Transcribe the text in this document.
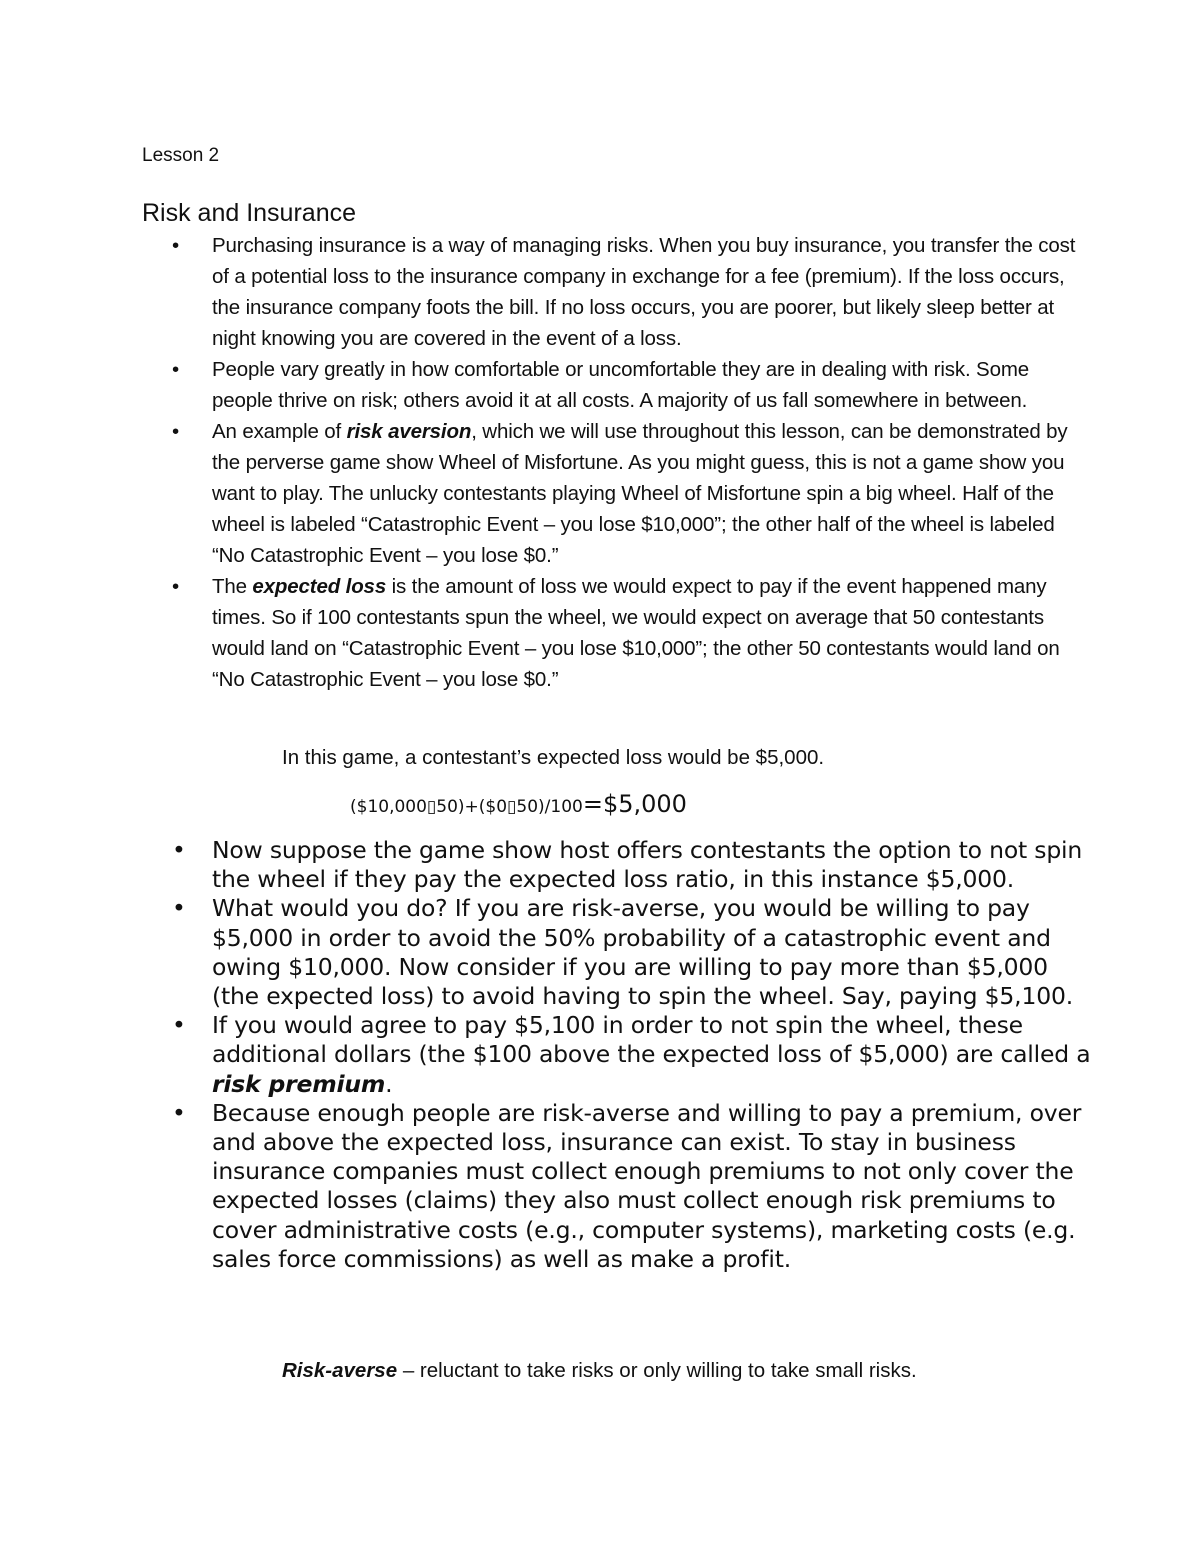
Lesson 2
Risk and Insurance
• Purchasing insurance is a way of managing risks. When you buy insurance, you transfer the cost of a potential loss to the insurance company in exchange for a fee (premium). If the loss occurs, the insurance company foots the bill. If no loss occurs, you are poorer, but likely sleep better at night knowing you are covered in the event of a loss.
• People vary greatly in how comfortable or uncomfortable they are in dealing with risk. Some people thrive on risk; others avoid it at all costs. A majority of us fall somewhere in between.
• An example of risk aversion, which we will use throughout this lesson, can be demonstrated by the perverse game show Wheel of Misfortune. As you might guess, this is not a game show you want to play. The unlucky contestants playing Wheel of Misfortune spin a big wheel. Half of the wheel is labeled “Catastrophic Event – you lose $10,000”; the other half of the wheel is labeled “No Catastrophic Event – you lose $0.”
• The expected loss is the amount of loss we would expect to pay if the event happened many times. So if 100 contestants spun the wheel, we would expect on average that 50 contestants would land on “Catastrophic Event – you lose $10,000”; the other 50 contestants would land on “No Catastrophic Event – you lose $0.”
In this game, a contestant’s expected loss would be $5,000.
($10,000▯50)+($0▯50)/100=$5,000
• Now suppose the game show host offers contestants the option to not spin the wheel if they pay the expected loss ratio, in this instance $5,000.
• What would you do? If you are risk-averse, you would be willing to pay $5,000 in order to avoid the 50% probability of a catastrophic event and owing $10,000. Now consider if you are willing to pay more than $5,000 (the expected loss) to avoid having to spin the wheel. Say, paying $5,100.
• If you would agree to pay $5,100 in order to not spin the wheel, these additional dollars (the $100 above the expected loss of $5,000) are called a risk premium.
• Because enough people are risk-averse and willing to pay a premium, over and above the expected loss, insurance can exist. To stay in business insurance companies must collect enough premiums to not only cover the expected losses (claims) they also must collect enough risk premiums to cover administrative costs (e.g., computer systems), marketing costs (e.g. sales force commissions) as well as make a profit.
Risk-averse – reluctant to take risks or only willing to take small risks.
